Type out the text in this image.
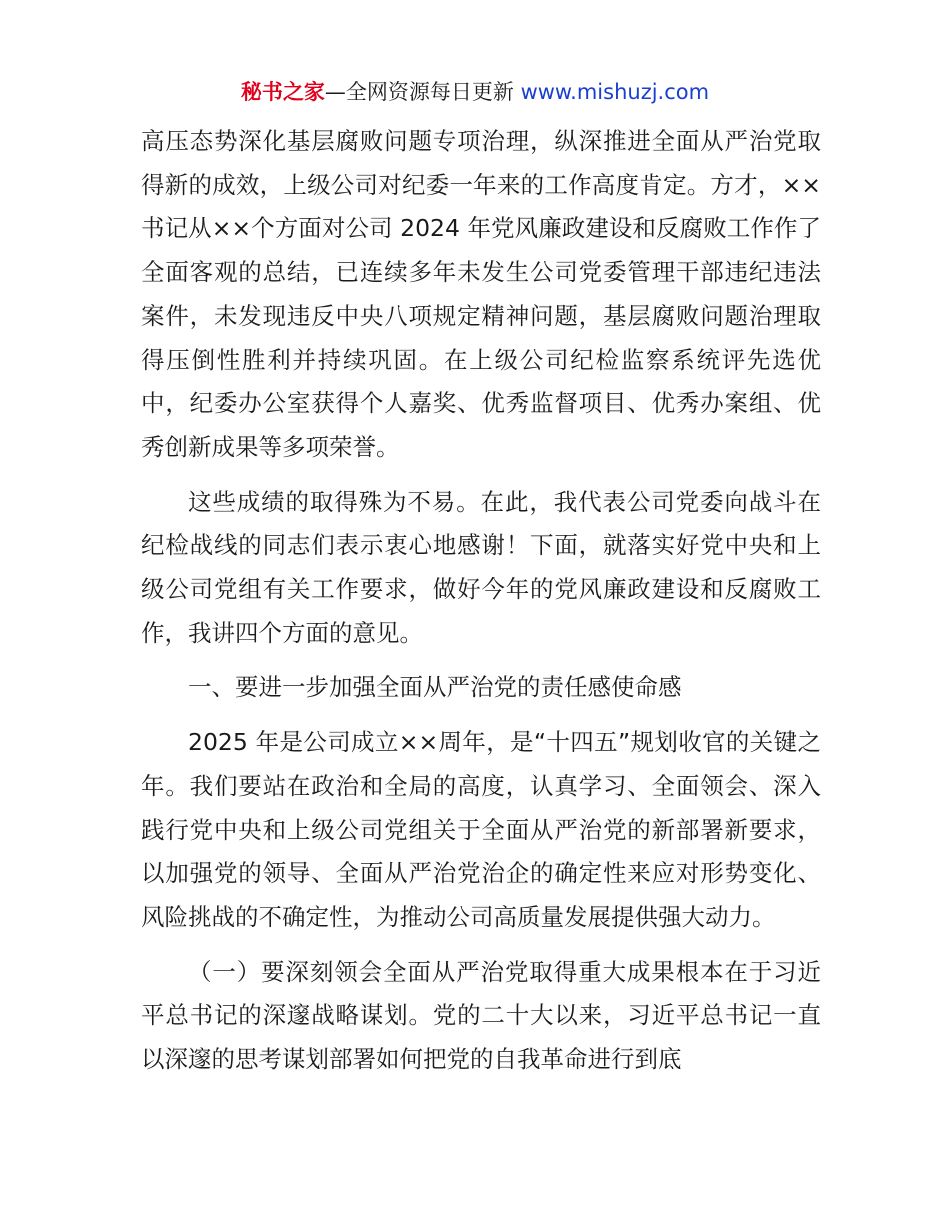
秘书之家—全网资源每日更新 www.mishuzj.com

高压态势深化基层腐败问题专项治理，纵深推进全面从严治党取得新的成效，上级公司对纪委一年来的工作高度肯定。方才，××书记从××个方面对公司 2024 年党风廉政建设和反腐败工作作了全面客观的总结，已连续多年未发生公司党委管理干部违纪违法案件，未发现违反中央八项规定精神问题，基层腐败问题治理取得压倒性胜利并持续巩固。在上级公司纪检监察系统评先选优中，纪委办公室获得个人嘉奖、优秀监督项目、优秀办案组、优秀创新成果等多项荣誉。

这些成绩的取得殊为不易。在此，我代表公司党委向战斗在纪检战线的同志们表示衷心地感谢！下面，就落实好党中央和上级公司党组有关工作要求，做好今年的党风廉政建设和反腐败工作，我讲四个方面的意见。

一、要进一步加强全面从严治党的责任感使命感

2025 年是公司成立××周年，是“十四五”规划收官的关键之年。我们要站在政治和全局的高度，认真学习、全面领会、深入践行党中央和上级公司党组关于全面从严治党的新部署新要求，以加强党的领导、全面从严治党治企的确定性来应对形势变化、风险挑战的不确定性，为推动公司高质量发展提供强大动力。

（一）要深刻领会全面从严治党取得重大成果根本在于习近平总书记的深邃战略谋划。党的二十大以来，习近平总书记一直以深邃的思考谋划部署如何把党的自我革命进行到底
